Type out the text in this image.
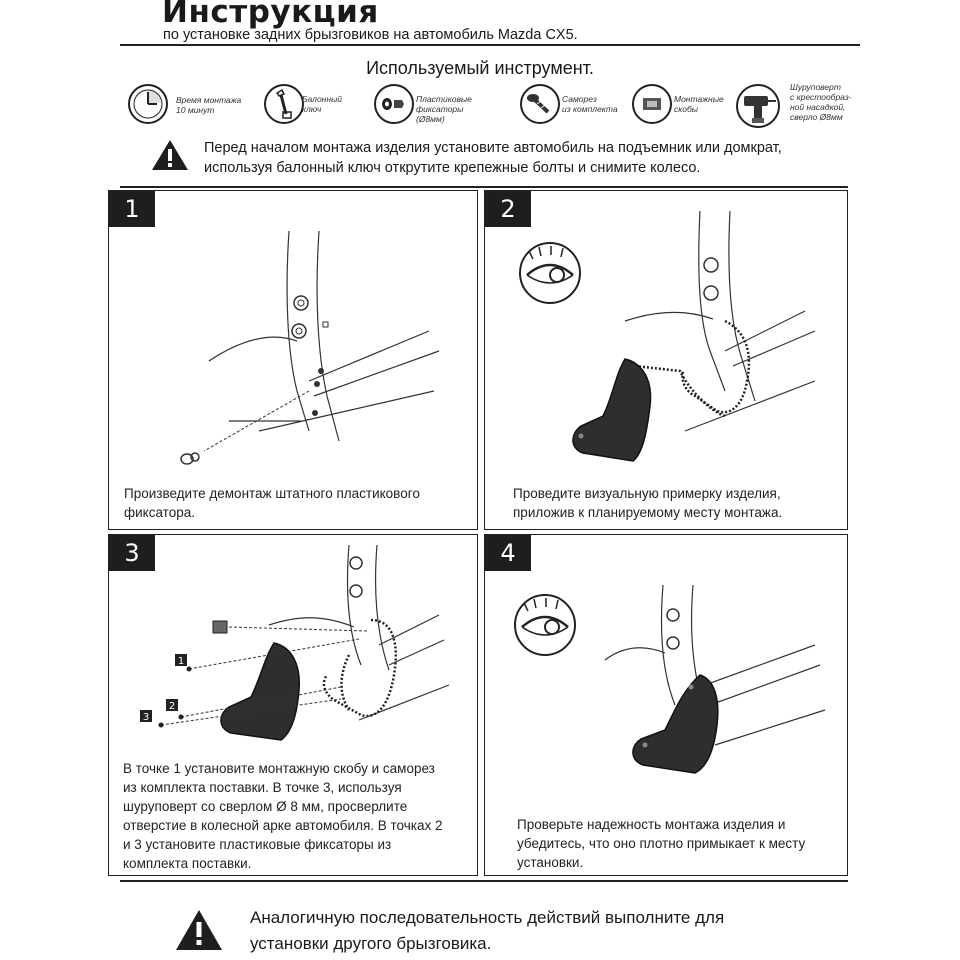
Инструкция
по установке задних брызговиков на автомобиль Mazda CX5.
Используемый инструмент.
Время монтажа
10 минут
Балонный
ключ
Пластиковые
фиксаторы (Ø8мм)
Саморез
из комплекта
Монтажные
скобы
Шуруповерт
с крестообраз-
ной насадкой,
сверло Ø8мм
Перед началом монтажа изделия установите автомобиль на подъемник или домкрат,
используя балонный ключ открутите крепежные болты и снимите колесо.
1
Произведите демонтаж штатного пластикового
фиксатора.
2
Проведите визуальную примерку изделия,
приложив к планируемому месту монтажа.
3
1
2
3
В точке 1 установите монтажную скобу и саморез
из комплекта поставки. В точке 3, используя
шуруповерт со сверлом Ø 8 мм, просверлите
отверстие в колесной арке автомобиля. В точках 2
и 3 установите пластиковые фиксаторы из
комплекта поставки.
4
Проверьте надежность монтажа изделия и
убедитесь, что оно плотно примыкает к месту
установки.
Аналогичную последовательность действий выполните для
установки другого брызговика.
